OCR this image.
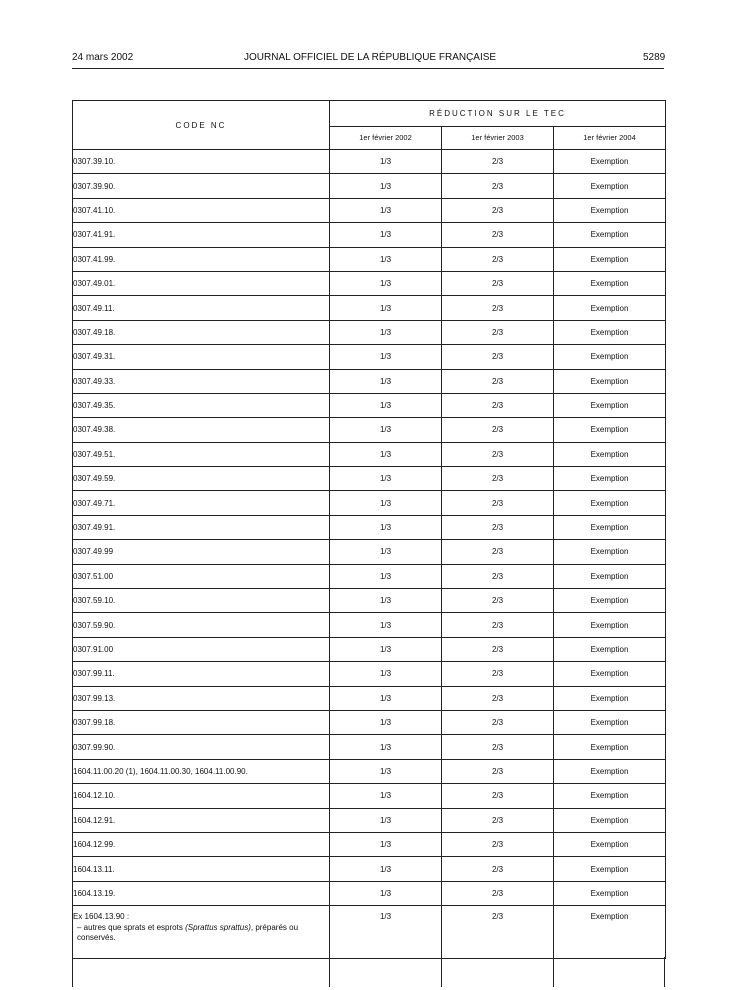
24 mars 2002	JOURNAL OFFICIEL DE LA RÉPUBLIQUE FRANÇAISE	5289
CODE NC	RÉDUCTION SUR LE TEC		
	1er février 2002	1er février 2003	1er février 2004
0307.39.10.	1/3	2/3	Exemption
0307.39.90.	1/3	2/3	Exemption
0307.41.10.	1/3	2/3	Exemption
0307.41.91.	1/3	2/3	Exemption
0307.41.99.	1/3	2/3	Exemption
0307.49.01.	1/3	2/3	Exemption
0307.49.11.	1/3	2/3	Exemption
0307.49.18.	1/3	2/3	Exemption
0307.49.31.	1/3	2/3	Exemption
0307.49.33.	1/3	2/3	Exemption
0307.49.35.	1/3	2/3	Exemption
0307.49.38.	1/3	2/3	Exemption
0307.49.51.	1/3	2/3	Exemption
0307.49.59.	1/3	2/3	Exemption
0307.49.71.	1/3	2/3	Exemption
0307.49.91.	1/3	2/3	Exemption
0307.49.99	1/3	2/3	Exemption
0307.51.00	1/3	2/3	Exemption
0307.59.10.	1/3	2/3	Exemption
0307.59.90.	1/3	2/3	Exemption
0307.91.00	1/3	2/3	Exemption
0307.99.11.	1/3	2/3	Exemption
0307.99.13.	1/3	2/3	Exemption
0307.99.18.	1/3	2/3	Exemption
0307.99.90.	1/3	2/3	Exemption
1604.11.00.20 (1), 1604.11.00.30, 1604.11.00.90.	1/3	2/3	Exemption
1604.12.10.	1/3	2/3	Exemption
1604.12.91.	1/3	2/3	Exemption
1604.12.99.	1/3	2/3	Exemption
1604.13.11.	1/3	2/3	Exemption
1604.13.19.	1/3	2/3	Exemption

Ex 1604.13.90 :
– autres que sprats et esprots (Sprattus sprattus), préparés ou conservés.	1/3	2/3	Exemption
